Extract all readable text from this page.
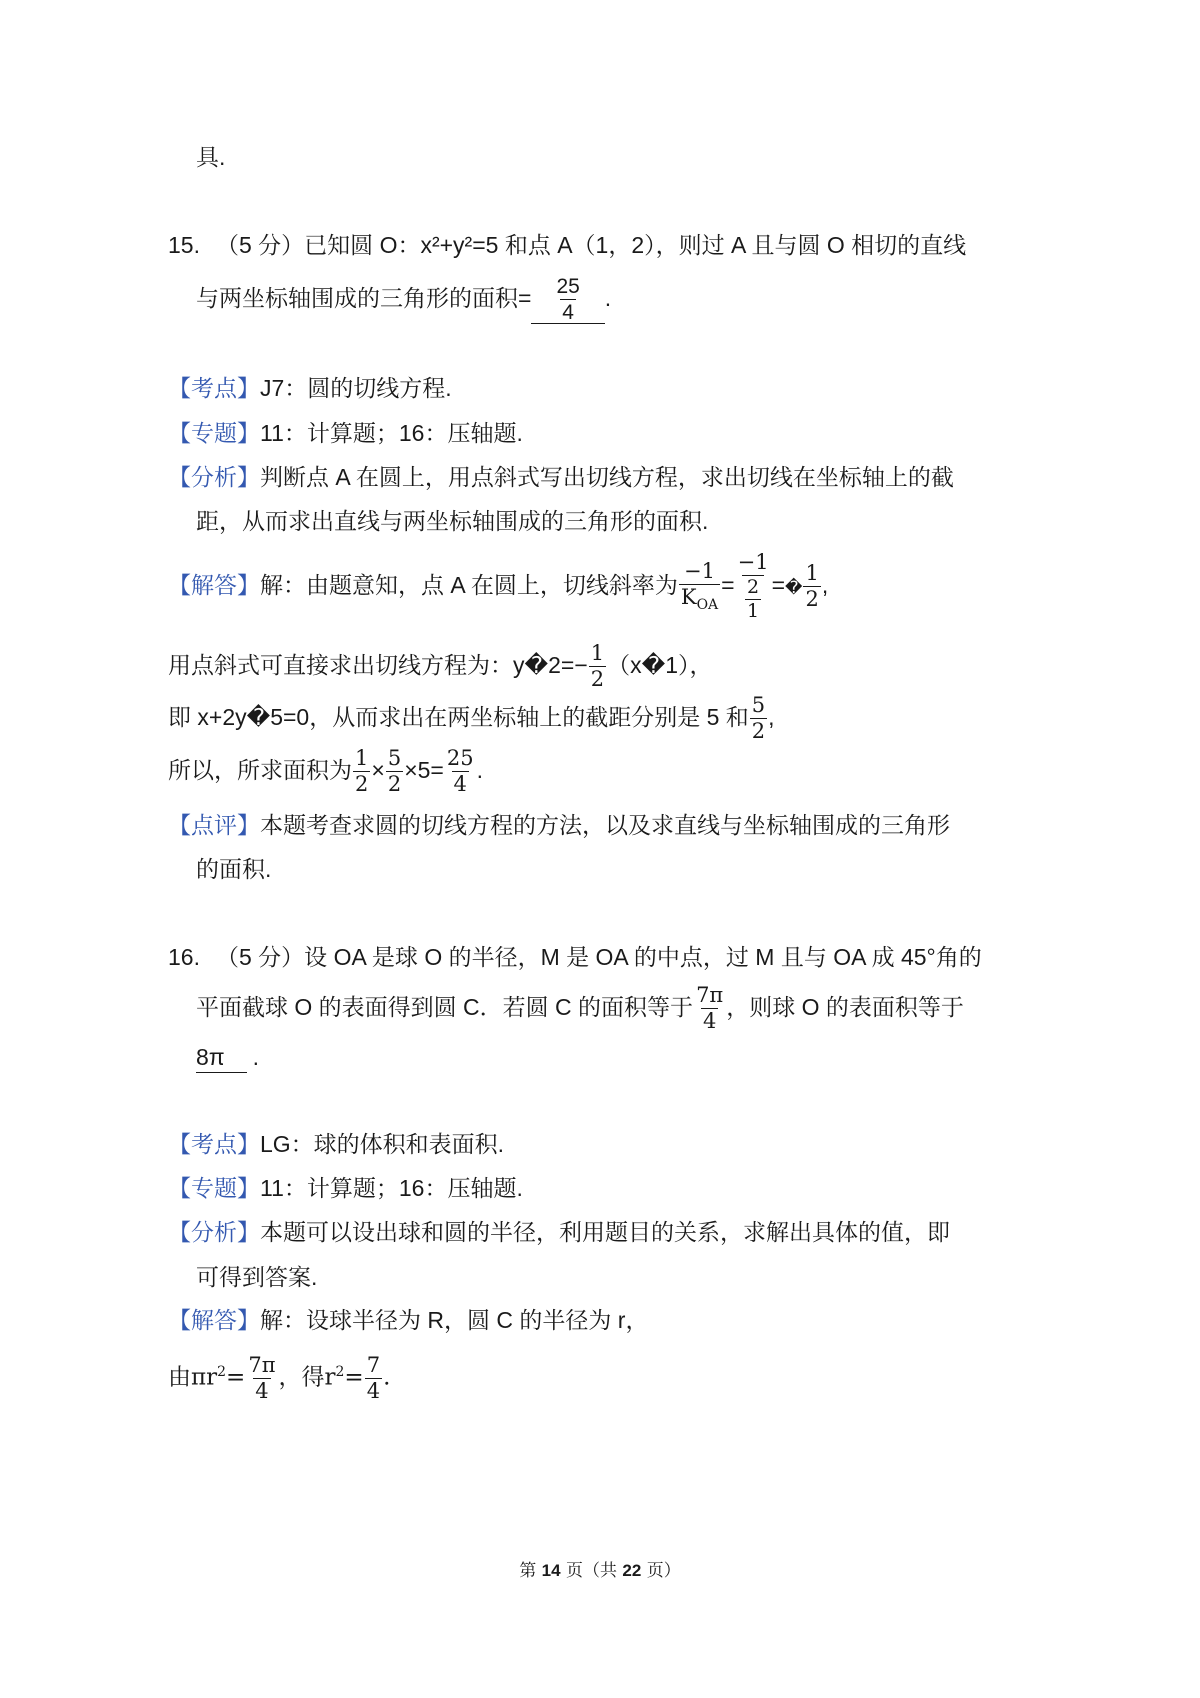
具.
15. （5 分）已知圆 O：x²+y²=5 和点 A（1，2），则过 A 且与圆 O 相切的直线
与两坐标轴围成的三角形的面积= $\frac{25}{4}$ .
【考点】J7：圆的切线方程.
【专题】11：计算题；16：压轴题.
【分析】判断点 A 在圆上，用点斜式写出切线方程，求出切线在坐标轴上的截
距，从而求出直线与两坐标轴围成的三角形的面积.
【解答】解：由题意知，点 A 在圆上，切线斜率为 $\frac{-1}{K_{OA}} = \frac{-1}{\frac{2}{1}}$ =� $\frac{1}{2}$ ,
用点斜式可直接求出切线方程为：y�2=− $\frac{1}{2}$ （x�1），
即 x+2y�5=0，从而求出在两坐标轴上的截距分别是 5 和 $\frac{5}{2}$ ,
所以，所求面积为 $\frac{1}{2} \times \frac{5}{2} \times 5= \frac{25}{4}$ .
【点评】本题考查求圆的切线方程的方法，以及求直线与坐标轴围成的三角形
的面积.
16. （5 分）设 OA 是球 O 的半径，M 是 OA 的中点，过 M 且与 OA 成 45°角的
平面截球 O 的表面得到圆 C．若圆 C 的面积等于 $\frac{7\pi}{4}$ ，则球 O 的表面积等于
8π .
【考点】LG：球的体积和表面积.
【专题】11：计算题；16：压轴题.
【分析】本题可以设出球和圆的半径，利用题目的关系，求解出具体的值，即
可得到答案.
【解答】解：设球半径为 R，圆 C 的半径为 r，
由$\pi r^2= \frac{7\pi}{4}$ ，得$r^2= \frac{7}{4}$ .
第 14 页（共 22 页）
